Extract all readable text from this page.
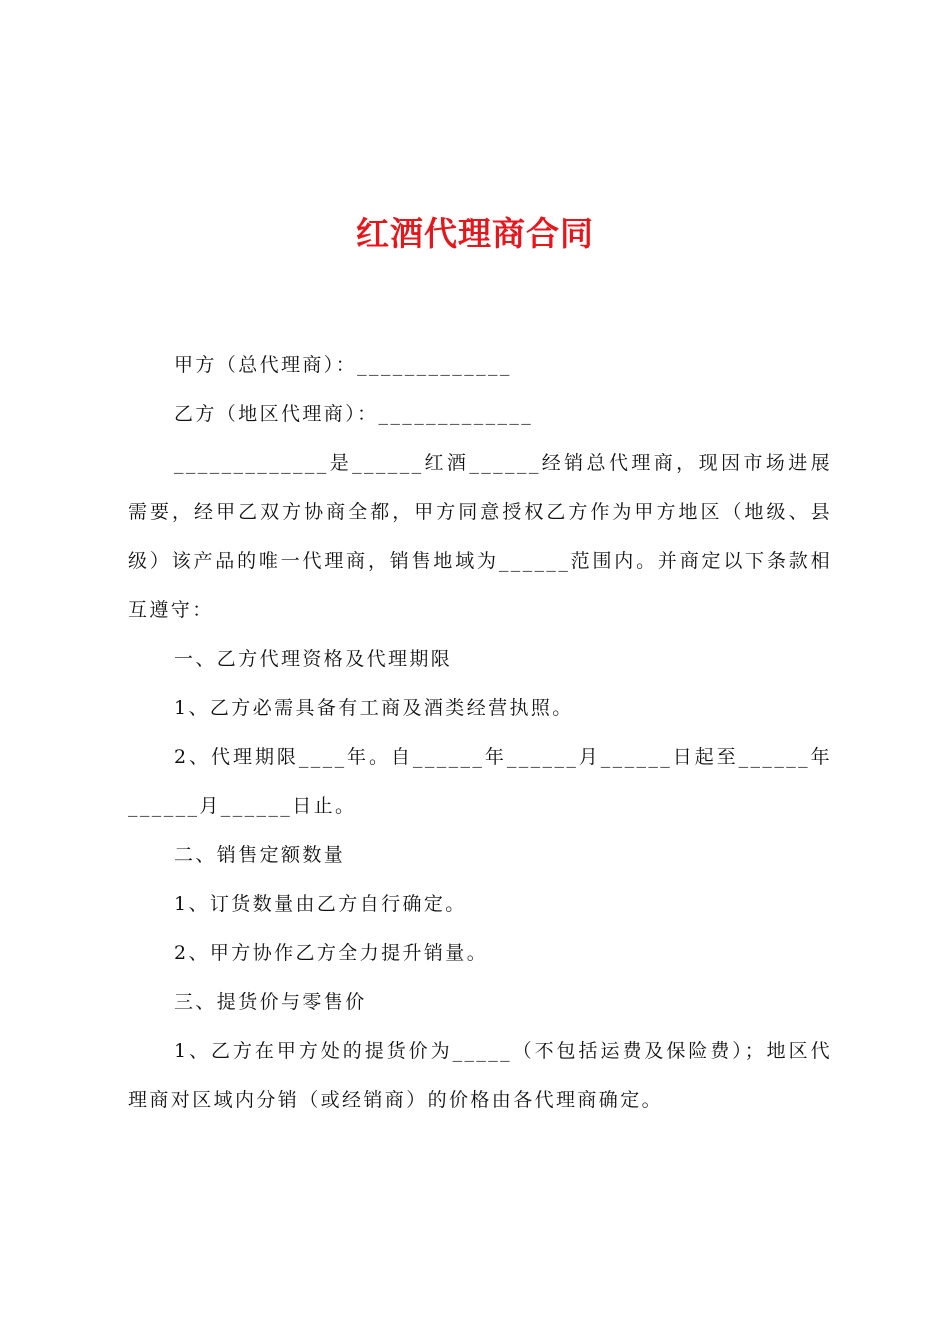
红酒代理商合同

甲方（总代理商）：_____________

乙方（地区代理商）：_____________

_____________是______红酒______经销总代理商，现因市场进展需要，经甲乙双方协商全都，甲方同意授权乙方作为甲方地区（地级、县级）该产品的唯一代理商，销售地域为______范围内。并商定以下条款相互遵守：

一、乙方代理资格及代理期限

1、乙方必需具备有工商及酒类经营执照。

2、代理期限____年。自______年______月______日起至______年______月______日止。

二、销售定额数量

1、订货数量由乙方自行确定。

2、甲方协作乙方全力提升销量。

三、提货价与零售价

1、乙方在甲方处的提货价为_____（不包括运费及保险费）；地区代理商对区域内分销（或经销商）的价格由各代理商确定。
